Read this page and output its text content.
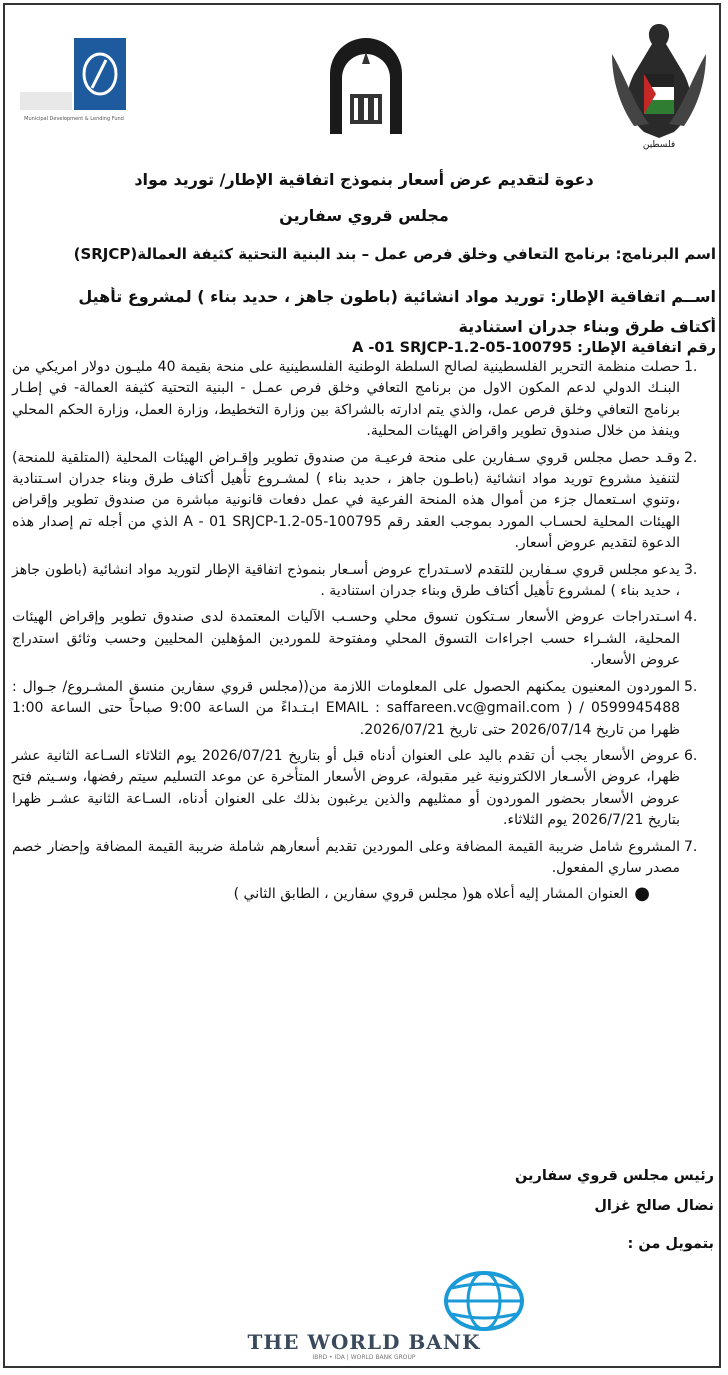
Municipal Development & Lending Fund
فلسطين
دعوة لتقديم عرض أسعار بنموذج اتفاقية الإطار/ توريد مواد
مجلس قروي سفارين
اسم البرنامج: برنامج التعافي وخلق فرص عمل – بند البنية التحتية كثيفة العمالة(SRJCP)
اســم اتفاقية الإطار: توريد مواد انشائية (باطون جاهز ، حديد بناء ) لمشروع تأهيل
أكتاف طرق وبناء جدران استنادية
رقم اتفاقية الإطار: A -01 SRJCP-1.2-05-100795
1.
حصلت منظمة التحرير الفلسطينية لصالح السلطة الوطنية الفلسطينية على منحة بقيمة 40 مليـون دولار امريكي من البنـك الدولي لدعم المكون الاول من برنامج التعافي وخلق فرص عمـل - البنية التحتية كثيفة العمالة- في إطـار برنامج التعافي وخلق فرص عمل، والذي يتم ادارته بالشراكة بين وزارة التخطيط، وزارة العمل، وزارة الحكم المحلي وينفذ من خلال صندوق تطوير واقراض الهيئات المحلية.
2.
وقـد حصل مجلس قروي سـفارين على منحة فرعيـة من صندوق تطوير وإقـراض الهيئات المحلية (المتلقية للمنحة) لتنفيذ مشروع توريد مواد انشائية (باطـون جاهز ، حديد بناء ) لمشـروع تأهيل أكتاف طرق وبناء جدران اسـتنادية ،وتنوي اسـتعمال جزء من أموال هذه المنحة الفرعية في عمل دفعات قانونية مباشرة من صندوق تطوير وإقراض الهيئات المحلية لحسـاب المورد بموجب العقد رقم A - 01 SRJCP-1.2-05-100795 الذي من أجله تم إصدار هذه الدعوة لتقديم عروض أسعار.
3.
يدعو مجلس قروي سـفارين للتقدم لاسـتدراج عروض أسـعار بنموذج اتفاقية الإطار لتوريد مواد انشائية (باطون جاهز ، حديد بناء ) لمشروع تأهيل أكتاف طرق وبناء جدران استنادية .
4.
اسـتدراجات عروض الأسعار سـتكون تسوق محلي وحسـب الآليات المعتمدة لدى صندوق تطوير وإقراض الهيئات المحلية، الشـراء حسب اجراءات التسوق المحلي ومفتوحة للموردين المؤهلين المحليين وحسب وثائق استدراج عروض الأسعار.
5.
الموردون المعنيون يمكنهم الحصول على المعلومات اللازمة من((مجلس قروي سفارين منسق المشـروع/ جـوال : 0599945488 / ( EMAIL : saffareen.vc@gmail.com ابـتـداءً من الساعة 9:00 صباحاً حتى الساعة 1:00 ظهرا من تاريخ 2026/07/14 حتى تاريخ 2026/07/21.
6.
عروض الأسعار يجب أن تقدم باليد على العنوان أدناه قبل أو بتاريخ 2026/07/21 يوم الثلاثاء السـاعة الثانية عشر ظهرا، عروض الأسـعار الالكترونية غير مقبولة، عروض الأسعار المتأخرة عن موعد التسليم سيتم رفضها، وسـيتم فتح عروض الأسعار بحضور الموردون أو ممثليهم والذين يرغبون بذلك على العنوان أدناه، السـاعة الثانية عشـر ظهرا بتاريخ 2026/7/21 يوم الثلاثاء.
7.
المشروع شامل ضريبة القيمة المضافة وعلى الموردين تقديم أسعارهم شاملة ضريبة القيمة المضافة وإحضار خصم مصدر ساري المفعول.
●
العنوان المشار إليه أعلاه هو( مجلس قروي سفارين ، الطابق الثاني )
رئيس مجلس قروي سفارين
نضال صالح غزال
بتمويل من :
THE WORLD BANK
IBRD • IDA | WORLD BANK GROUP
